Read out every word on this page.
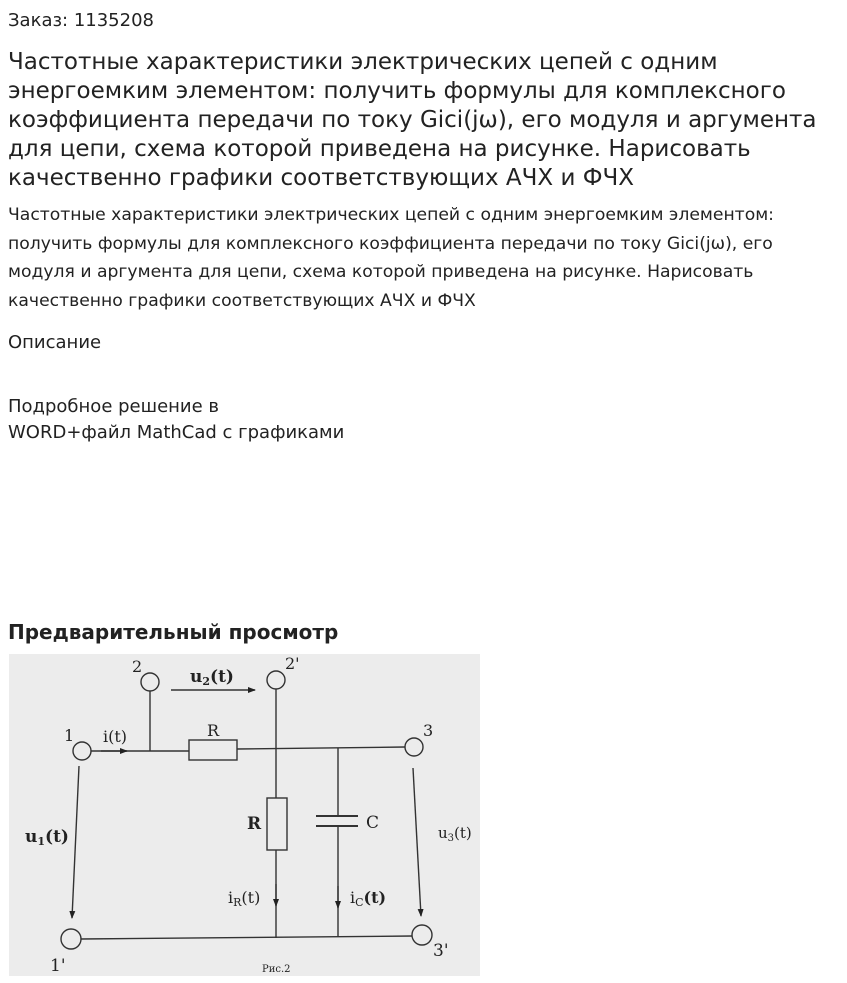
Заказ: 1135208
Частотные характеристики электрических цепей с одним энергоемким элементом: получить формулы для комплексного коэффициента передачи по току Gici(jω), его модуля и аргумента для цепи, схема которой приведена на рисунке. Нарисовать качественно графики соответствующих АЧХ и ФЧХ

Частотные характеристики электрических цепей с одним энергоемким элементом: получить формулы для комплексного коэффициента передачи по току Gici(jω), его модуля и аргумента для цепи, схема которой приведена на рисунке. Нарисовать качественно графики соответствующих АЧХ и ФЧХ

Описание
Подробное решение в
WORD+файл MathCad с графиками
Предварительный просмотр
2	2'
1	3
1'
3'
u2(t)
i(t)	R
R	C
u1(t)	$u_3(t)$
iR(t)	iC(t)
Рис.2
